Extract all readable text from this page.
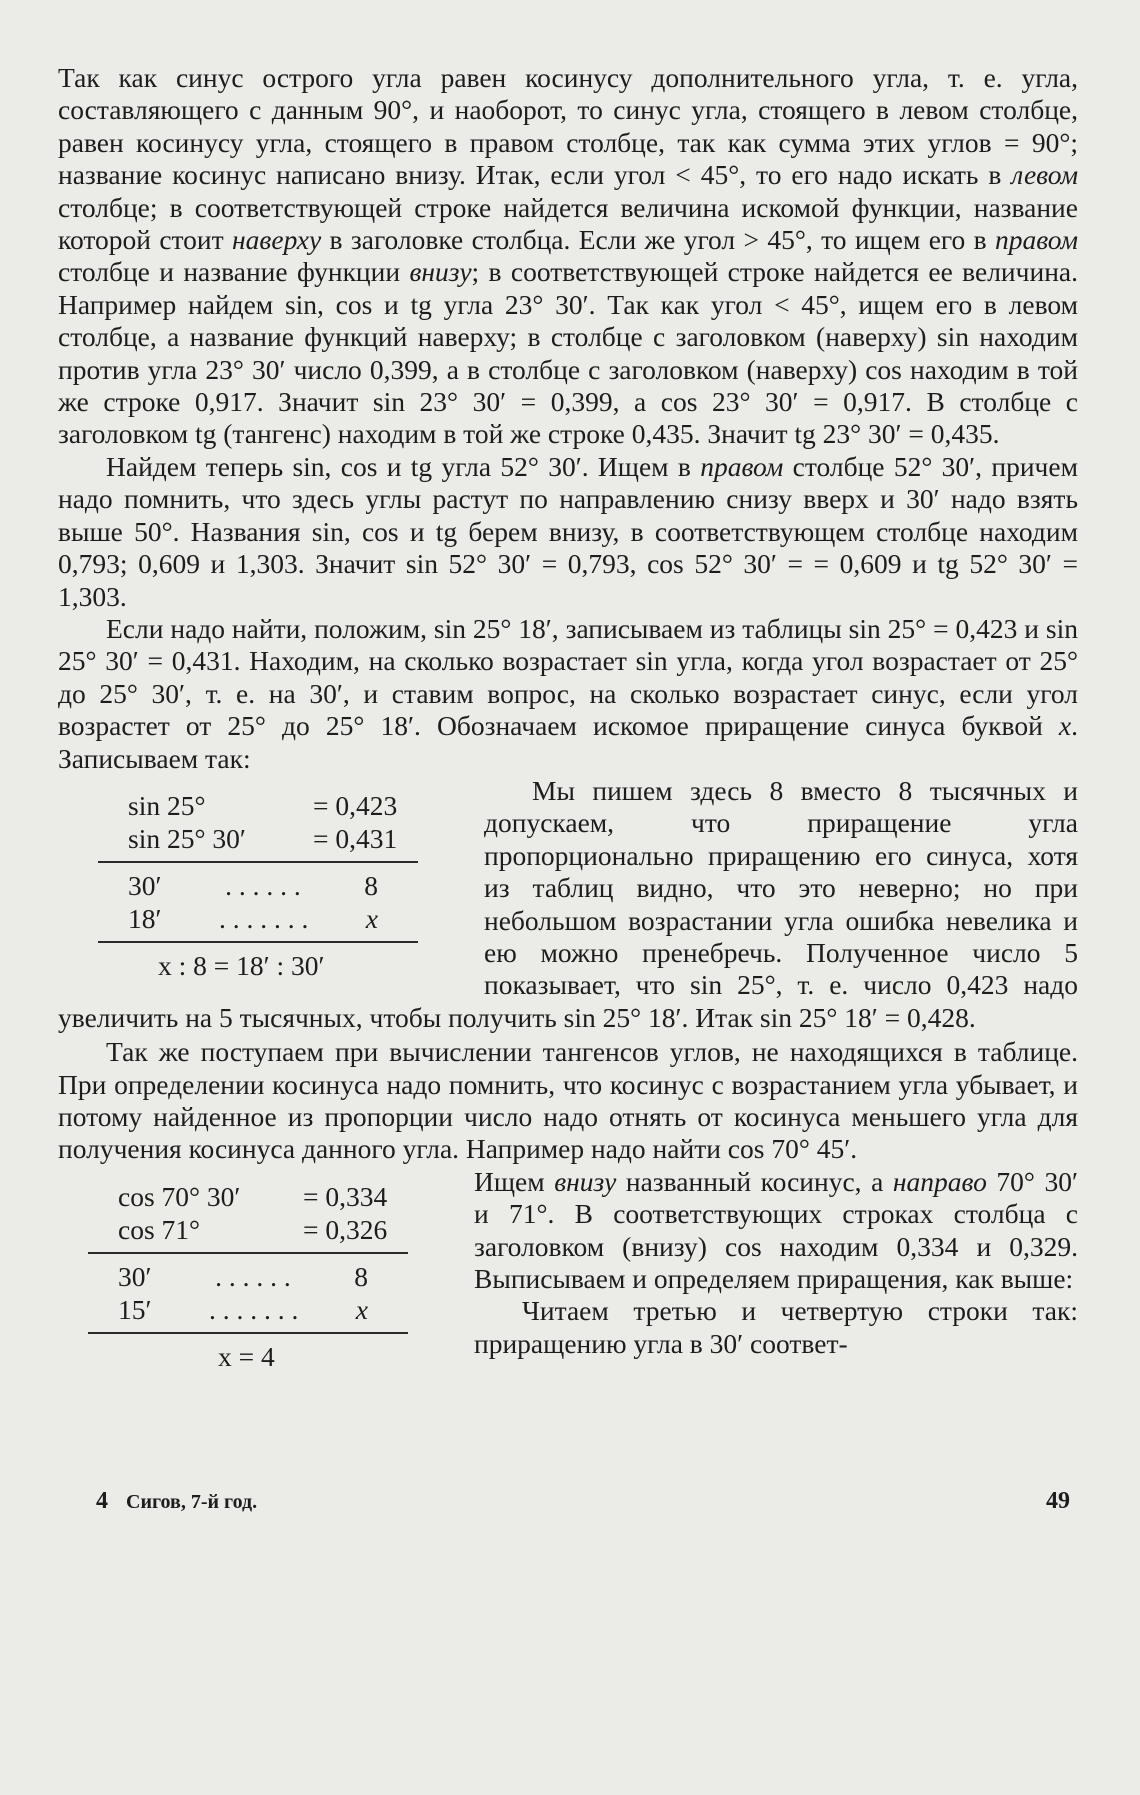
Так как синус острого угла равен косинусу дополнительного угла, т. е. угла, составляющего с данным 90°, и наоборот, то синус угла, стоящего в левом столбце, равен косинусу угла, стоящего в правом столбце, так как сумма этих углов = 90°; название косинус написано внизу. Итак, если угол < 45°, то его надо искать в левом столбце; в соответствующей строке найдется величина искомой функции, название которой стоит наверху в заголовке столбца. Если же угол > 45°, то ищем его в правом столбце и название функции внизу; в соответствующей строке найдется ее величина. Например найдем sin, cos и tg угла 23° 30′. Так как угол < 45°, ищем его в левом столбце, а название функций наверху; в столбце с заголовком (наверху) sin находим против угла 23° 30′ число 0,399, а в столбце с заголовком (наверху) cos находим в той же строке 0,917. Значит sin 23° 30′ = 0,399, a cos 23° 30′ = 0,917. В столбце с заголовком tg (тангенс) находим в той же строке 0,435. Значит tg 23° 30′ = 0,435.

Найдем теперь sin, cos и tg угла 52° 30′. Ищем в правом столбце 52° 30′, причем надо помнить, что здесь углы растут по направлению снизу вверх и 30′ надо взять выше 50°. Названия sin, cos и tg берем внизу, в соответствующем столбце находим 0,793; 0,609 и 1,303. Значит sin 52° 30′ = 0,793, cos 52° 30′ = = 0,609 и tg 52° 30′ = 1,303.

Если надо найти, положим, sin 25° 18′, записываем из таблицы sin 25° = 0,423 и sin 25° 30′ = 0,431. Находим, на сколько возрастает sin угла, когда угол возрастает от 25° до 25° 30′, т. е. на 30′, и ставим вопрос, на сколько возрастает синус, если угол возрастет от 25° до 25° 18′. Обозначаем искомое приращение синуса буквой x. Записываем так:

sin 25°	= 0,423
sin 25° 30′	= 0,431
30′ . . . . . . 8
18′ . . . . . . . x
x : 8 = 18′ : 30′

Мы пишем здесь 8 вместо 8 тысячных и допускаем, что приращение угла пропорционально приращению его синуса, хотя из таблиц видно, что это неверно; но при небольшом возрастании угла ошибка невелика и ею можно пренебречь. Полученное число 5 показывает, что sin 25°, т. е. число 0,423 надо увеличить на 5 тысячных, чтобы получить sin 25° 18′. Итак sin 25° 18′ = 0,428.

Так же поступаем при вычислении тангенсов углов, не находящихся в таблице. При определении косинуса надо помнить, что косинус с возрастанием угла убывает, и потому найденное из пропорции число надо отнять от косинуса меньшего угла для получения косинуса данного угла. Например надо найти cos 70° 45′.

cos 70° 30′	= 0,334
cos 71°	= 0,326
30′ . . . . . . 8
15′ . . . . . . . x
x = 4

Ищем внизу названный косинус, а направо 70° 30′ и 71°. В соответствующих строках столбца с заголовком (внизу) cos находим 0,334 и 0,329. Выписываем и определяем приращения, как выше:

Читаем третью и четвертую строки так: приращению угла в 30′ соответ-

4 Сигов, 7-й год.	49
